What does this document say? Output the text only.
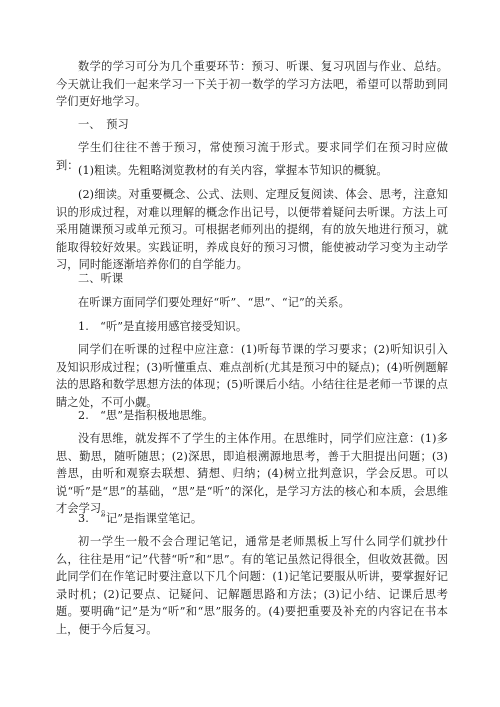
数学的学习可分为几个重要环节：预习、听课、复习巩固与作业、总结。今天就让我们一起来学习一下关于初一数学的学习方法吧，希望可以帮助到同学们更好地学习。

一、　预习

学生们往往不善于预习，常使预习流于形式。要求同学们在预习时应做到： (1)粗读。先粗略浏览教材的有关内容，掌握本节知识的概貌。

(2)细读。对重要概念、公式、法则、定理反复阅读、体会、思考，注意知识的形成过程，对难以理解的概念作出记号，以便带着疑问去听课。方法上可采用随课预习或单元预习。可根据老师列出的提纲，有的放矢地进行预习，就能取得较好效果。实践证明，养成良好的预习习惯，能使被动学习变为主动学习，同时能逐渐培养你们的自学能力。

二、听课

在听课方面同学们要处理好“听”、“思”、“记”的关系。

1.　“听”是直接用感官接受知识。

同学们在听课的过程中应注意：(1)听每节课的学习要求；(2)听知识引入及知识形成过程；(3)听懂重点、难点剖析(尤其是预习中的疑点)；(4)听例题解法的思路和数学思想方法的体现；(5)听课后小结。小结往往是老师一节课的点睛之处，不可小觑。

2.　“思”是指积极地思维。

没有思维，就发挥不了学生的主体作用。在思维时，同学们应注意：(1)多思、勤思，随听随思；(2)深思，即追根溯源地思考，善于大胆提出问题；(3)善思，由听和观察去联想、猜想、归纳；(4)树立批判意识，学会反思。可以说“听”是“思”的基础，“思”是“听”的深化，是学习方法的核心和本质，会思维才会学习。

3.　“记”是指课堂笔记。

初一学生一般不会合理记笔记，通常是老师黑板上写什么同学们就抄什么，往往是用“记”代替“听”和“思”。有的笔记虽然记得很全，但收效甚微。因此同学们在作笔记时要注意以下几个问题：(1)记笔记要服从听讲，要掌握好记录时机；(2)记要点、记疑问、记解题思路和方法；(3)记小结、记课后思考题。要明确“记”是为“听”和“思”服务的。(4)要把重要及补充的内容记在书本上，便于今后复习。
